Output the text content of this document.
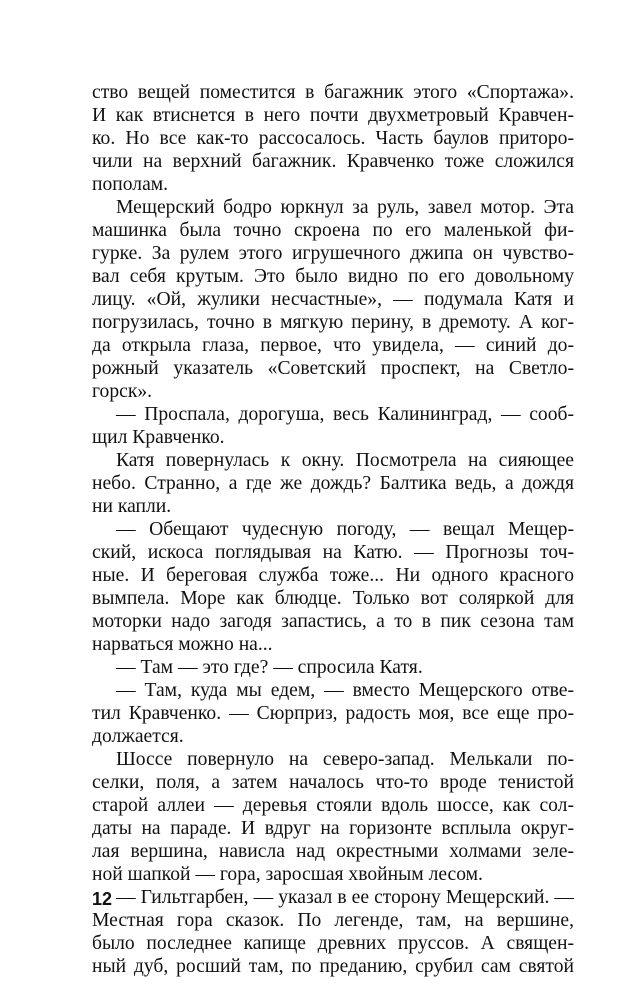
ство вещей поместится в багажник этого «Спортажа».
И как втиснется в него почти двухметровый Кравчен-
ко. Но все как-то рассосалось. Часть баулов приторо-
чили на верхний багажник. Кравченко тоже сложился
пополам.
Мещерский бодро юркнул за руль, завел мотор. Эта
машинка была точно скроена по его маленькой фи-
гурке. За рулем этого игрушечного джипа он чувство-
вал себя крутым. Это было видно по его довольному
лицу. «Ой, жулики несчастные», — подумала Катя и
погрузилась, точно в мягкую перину, в дремоту. А ког-
да открыла глаза, первое, что увидела, — синий до-
рожный указатель «Советский проспект, на Светло-
горск».
— Проспала, дорогуша, весь Калининград, — сооб-
щил Кравченко.
Катя повернулась к окну. Посмотрела на сияющее
небо. Странно, а где же дождь? Балтика ведь, а дождя
ни капли.
— Обещают чудесную погоду, — вещал Мещер-
ский, искоса поглядывая на Катю. — Прогнозы точ-
ные. И береговая служба тоже... Ни одного красного
вымпела. Море как блюдце. Только вот соляркой для
моторки надо загодя запастись, а то в пик сезона там
нарваться можно на...
— Там — это где? — спросила Катя.
— Там, куда мы едем, — вместо Мещерского отве-
тил Кравченко. — Сюрприз, радость моя, все еще про-
должается.
Шоссе повернуло на северо-запад. Мелькали по-
селки, поля, а затем началось что-то вроде тенистой
старой аллеи — деревья стояли вдоль шоссе, как сол-
даты на параде. И вдруг на горизонте всплыла округ-
лая вершина, нависла над окрестными холмами зеле-
ной шапкой — гора, заросшая хвойным лесом.
— Гильтгарбен, — указал в ее сторону Мещерский. —
Местная гора сказок. По легенде, там, на вершине,
было последнее капище древних пруссов. А священ-
ный дуб, росший там, по преданию, срубил сам святой
12
